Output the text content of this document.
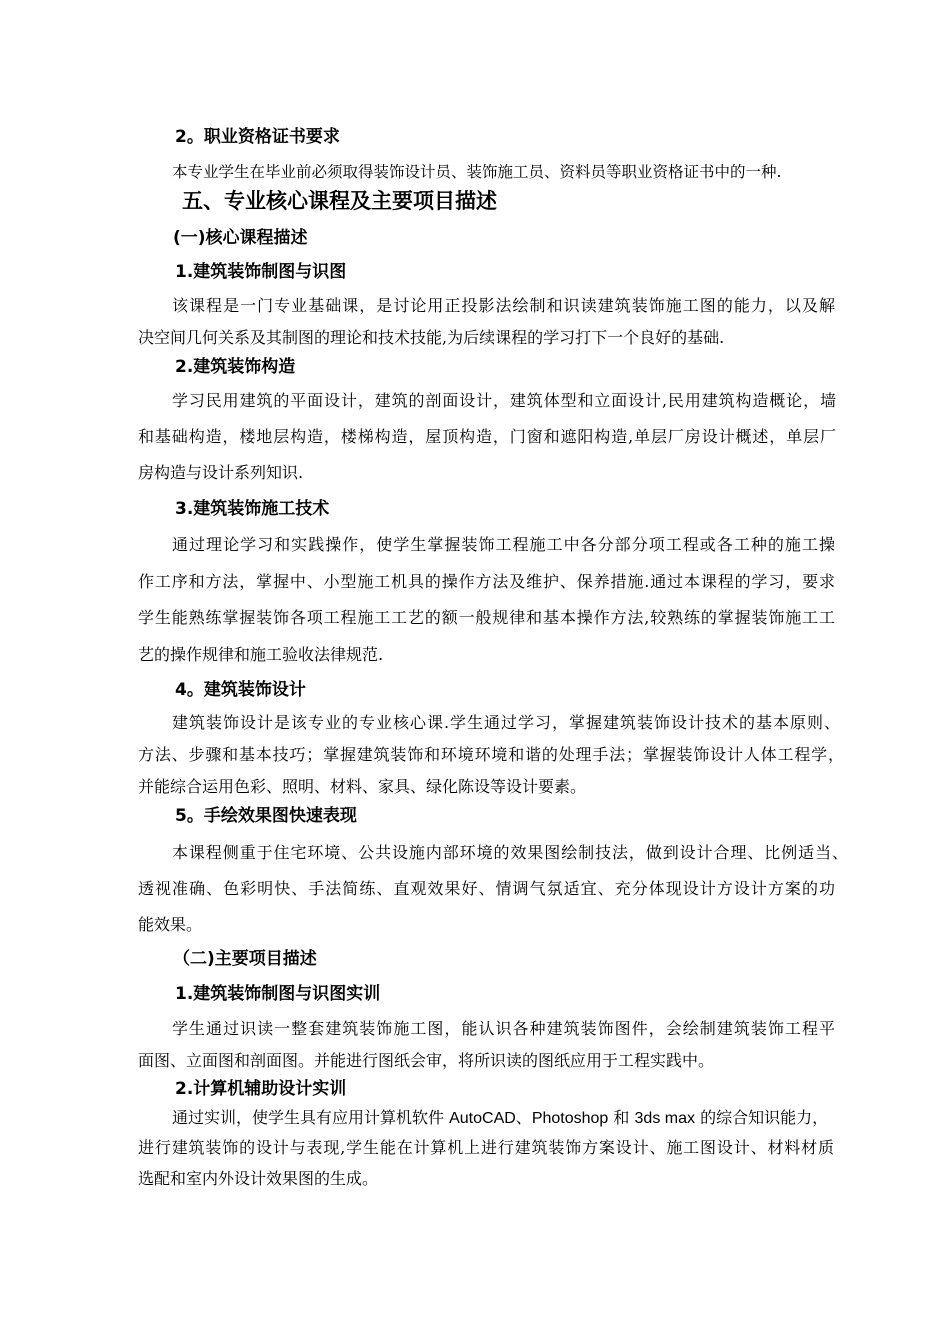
2。职业资格证书要求
本专业学生在毕业前必须取得装饰设计员、装饰施工员、资料员等职业资格证书中的一种.
五、专业核心课程及主要项目描述
(一)核心课程描述
1.建筑装饰制图与识图
该课程是一门专业基础课，是讨论用正投影法绘制和识读建筑装饰施工图的能力，以及解
决空间几何关系及其制图的理论和技术技能,为后续课程的学习打下一个良好的基础.
2.建筑装饰构造
学习民用建筑的平面设计，建筑的剖面设计，建筑体型和立面设计,民用建筑构造概论，墙
和基础构造，楼地层构造，楼梯构造，屋顶构造，门窗和遮阳构造,单层厂房设计概述，单层厂
房构造与设计系列知识.
3.建筑装饰施工技术
通过理论学习和实践操作，使学生掌握装饰工程施工中各分部分项工程或各工种的施工操
作工序和方法，掌握中、小型施工机具的操作方法及维护、保养措施.通过本课程的学习，要求
学生能熟练掌握装饰各项工程施工工艺的额一般规律和基本操作方法,较熟练的掌握装饰施工工
艺的操作规律和施工验收法律规范.
4。建筑装饰设计
建筑装饰设计是该专业的专业核心课.学生通过学习，掌握建筑装饰设计技术的基本原则、
方法、步骤和基本技巧；掌握建筑装饰和环境环境和谐的处理手法；掌握装饰设计人体工程学，
并能综合运用色彩、照明、材料、家具、绿化陈设等设计要素。
5。手绘效果图快速表现
本课程侧重于住宅环境、公共设施内部环境的效果图绘制技法，做到设计合理、比例适当、
透视准确、色彩明快、手法简练、直观效果好、情调气氛适宜、充分体现设计方设计方案的功
能效果。
（二)主要项目描述
1.建筑装饰制图与识图实训
学生通过识读一整套建筑装饰施工图，能认识各种建筑装饰图件，会绘制建筑装饰工程平
面图、立面图和剖面图。并能进行图纸会审，将所识读的图纸应用于工程实践中。
2.计算机辅助设计实训
通过实训，使学生具有应用计算机软件 AutoCAD、Photoshop 和 3ds max 的综合知识能力，
进行建筑装饰的设计与表现,学生能在计算机上进行建筑装饰方案设计、施工图设计、材料材质
选配和室内外设计效果图的生成。
